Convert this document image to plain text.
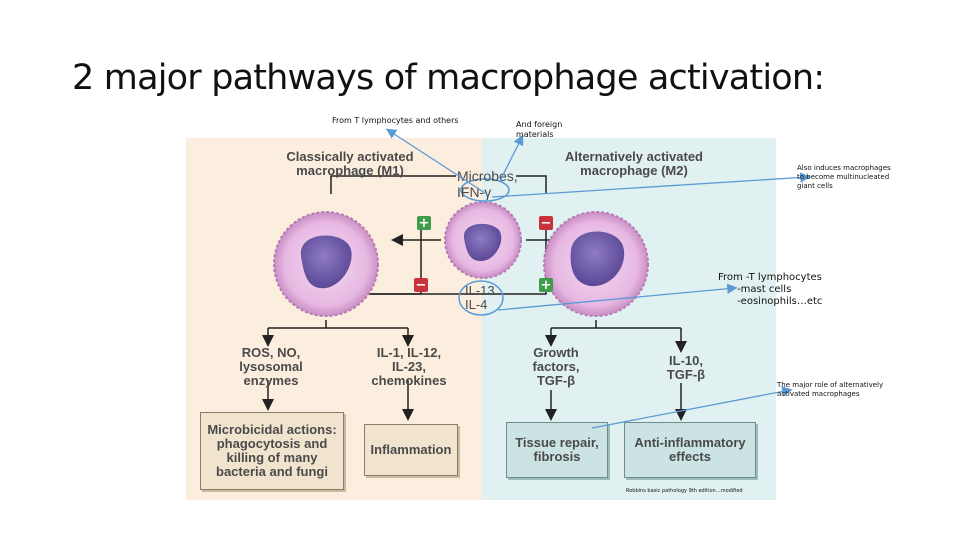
2 major pathways of macrophage activation:
+	−
−	+
Classically activated
macrophage (M1)
Alternatively activated
macrophage (M2)
Microbes,
IFN-γ
IL-13
IL-4
ROS, NO,
lysosomal
enzymes
IL-1, IL-12,
IL-23,
chemokines
Growth
factors,
TGF-β
IL-10,
TGF-β
Microbicidal actions:
phagocytosis and
killing of many
bacteria and fungi
Inflammation	Tissue repair,
fibrosis
Anti-inflammatory
effects
From T lymphocytes and others	And foreign
materials
Also induces macrophages
to become multinucleated
giant cells
From -T lymphocytes
-mast cells
-eosinophils…etc
The major role of alternatively
activated macrophages
Robbins basic pathology 9th edition…modified
